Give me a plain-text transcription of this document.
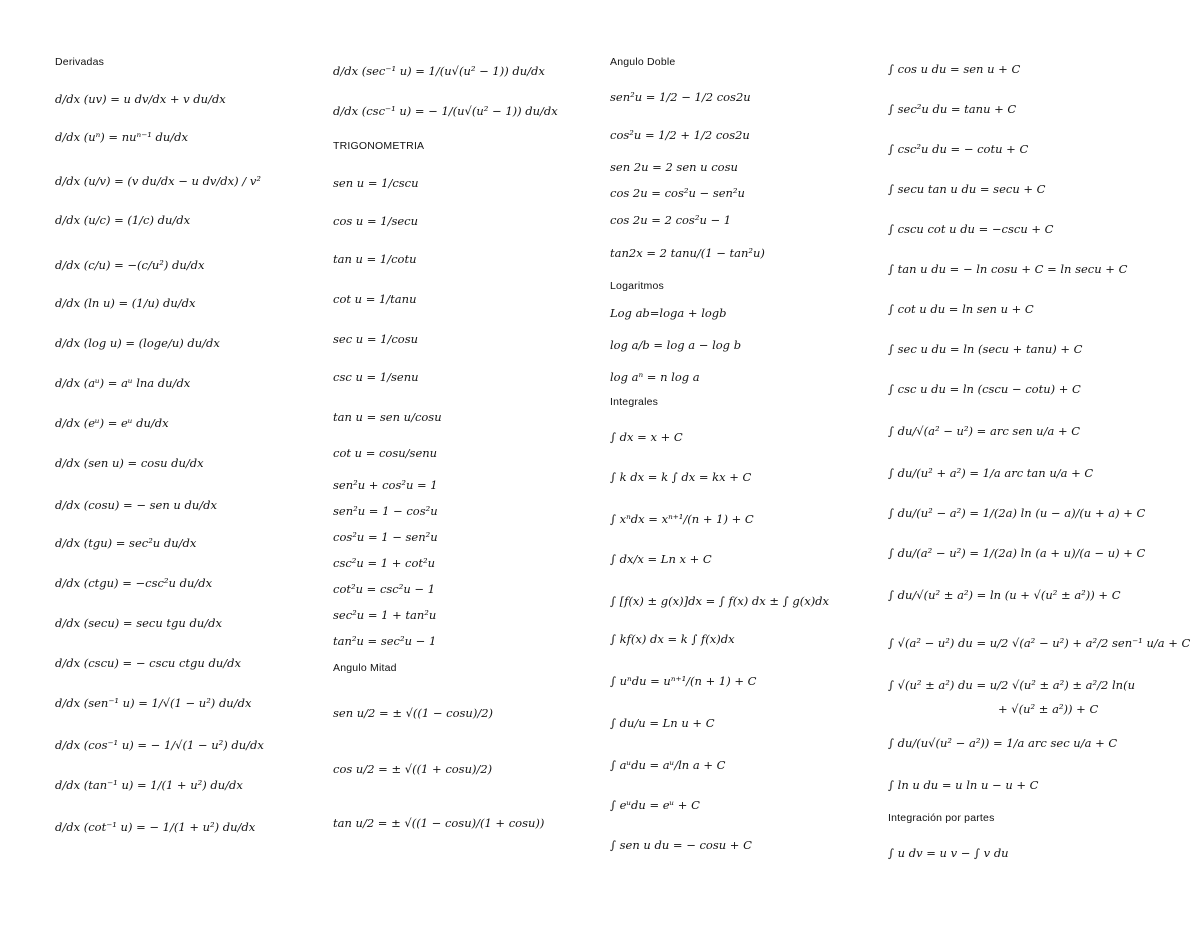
Derivadas
d/dx (uv) = u dv/dx + v du/dx
d/dx (uⁿ) = nuⁿ⁻¹ du/dx
d/dx (u/v) = (v du/dx − u dv/dx) / v²
d/dx (u/c) = (1/c) du/dx
d/dx (c/u) = −(c/u²) du/dx
d/dx (ln u) = (1/u) du/dx
d/dx (log u) = (loge/u) du/dx
d/dx (aᵘ) = aᵘ lna du/dx
d/dx (eᵘ) = eᵘ du/dx
d/dx (sen u) = cosu du/dx
d/dx (cosu) = − sen u du/dx
d/dx (tgu) = sec²u du/dx
d/dx (ctgu) = −csc²u du/dx
d/dx (secu) = secu tgu du/dx
d/dx (cscu) = − cscu ctgu du/dx
d/dx (sen⁻¹ u) = 1/√(1 − u²) du/dx
d/dx (cos⁻¹ u) = − 1/√(1 − u²) du/dx
d/dx (tan⁻¹ u) = 1/(1 + u²) du/dx
d/dx (cot⁻¹ u) = − 1/(1 + u²) du/dx
d/dx (sec⁻¹ u) = 1/(u√(u² − 1)) du/dx
d/dx (csc⁻¹ u) = − 1/(u√(u² − 1)) du/dx
TRIGONOMETRIA
sen u = 1/cscu
cos u = 1/secu
tan u = 1/cotu
cot u = 1/tanu
sec u = 1/cosu
csc u = 1/senu
tan u = sen u/cosu
cot u = cosu/senu
sen²u + cos²u = 1
sen²u = 1 − cos²u
cos²u = 1 − sen²u
csc²u = 1 + cot²u
cot²u = csc²u − 1
sec²u = 1 + tan²u
tan²u = sec²u − 1
Angulo Mitad
sen u/2 = ± √((1 − cosu)/2)
cos u/2 = ± √((1 + cosu)/2)
tan u/2 = ± √((1 − cosu)/(1 + cosu))
Angulo Doble
sen²u = 1/2 − 1/2 cos2u
cos²u = 1/2 + 1/2 cos2u
sen 2u = 2 sen u cosu
cos 2u = cos²u − sen²u
cos 2u = 2 cos²u − 1
tan2x = 2 tanu/(1 − tan²u)
Logaritmos
Log ab=loga + logb
log a/b = log a − log b
log aⁿ = n log a
Integrales
∫ dx = x + C
∫ k dx = k ∫ dx = kx + C
∫ xⁿdx = xⁿ⁺¹/(n + 1) + C
∫ dx/x = Ln x + C
∫ [f(x) ± g(x)]dx = ∫ f(x) dx ± ∫ g(x)dx
∫ kf(x) dx = k ∫ f(x)dx
∫ uⁿdu = uⁿ⁺¹/(n + 1) + C
∫ du/u = Ln u + C
∫ aᵘdu = aᵘ/ln a + C
∫ eᵘdu = eᵘ + C
∫ sen u du = − cosu + C
∫ cos u du = sen u + C
∫ sec²u du = tanu + C
∫ csc²u du = − cotu + C
∫ secu tan u du = secu + C
∫ cscu cot u du = −cscu + C
∫ tan u du = − ln cosu + C = ln secu + C
∫ cot u du = ln sen u + C
∫ sec u du = ln (secu + tanu) + C
∫ csc u du = ln (cscu − cotu) + C
∫ du/√(a² − u²) = arc sen u/a + C
∫ du/(u² + a²) = 1/a arc tan u/a + C
∫ du/(u² − a²) = 1/(2a) ln (u − a)/(u + a) + C
∫ du/(a² − u²) = 1/(2a) ln (a + u)/(a − u) + C
∫ du/√(u² ± a²) = ln (u + √(u² ± a²)) + C
∫ √(a² − u²) du = u/2 √(a² − u²) + a²/2 sen⁻¹ u/a + C
∫ √(u² ± a²) du = u/2 √(u² ± a²) ± a²/2 ln(u
+ √(u² ± a²)) + C
∫ du/(u√(u² − a²)) = 1/a arc sec u/a + C
∫ ln u du = u ln u − u + C
Integración por partes
∫ u dv = u v − ∫ v du
